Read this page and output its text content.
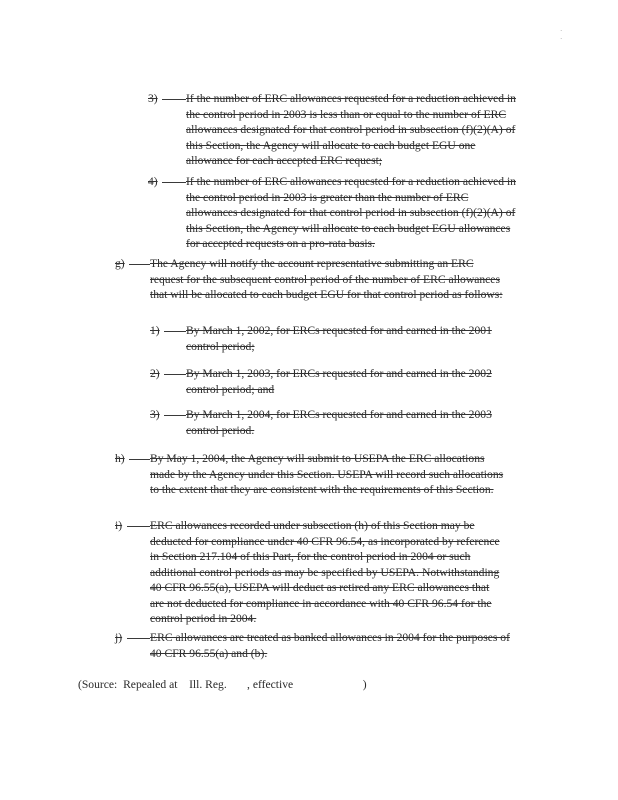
· ·
3) If the number of ERC allowances requested for a reduction achieved in the control period in 2003 is less than or equal to the number of ERC allowances designated for that control period in subsection (f)(2)(A) of this Section, the Agency will allocate to each budget EGU one allowance for each accepted ERC request;
4) If the number of ERC allowances requested for a reduction achieved in the control period in 2003 is greater than the number of ERC allowances designated for that control period in subsection (f)(2)(A) of this Section, the Agency will allocate to each budget EGU allowances for accepted requests on a pro-rata basis.
g) The Agency will notify the account representative submitting an ERC request for the subsequent control period of the number of ERC allowances that will be allocated to each budget EGU for that control period as follows:
1) By March 1, 2002, for ERCs requested for and earned in the 2001 control period;
2) By March 1, 2003, for ERCs requested for and earned in the 2002 control period; and
3) By March 1, 2004, for ERCs requested for and earned in the 2003 control period.
h) By May 1, 2004, the Agency will submit to USEPA the ERC allocations made by the Agency under this Section. USEPA will record such allocations to the extent that they are consistent with the requirements of this Section.
i) ERC allowances recorded under subsection (h) of this Section may be deducted for compliance under 40 CFR 96.54, as incorporated by reference in Section 217.104 of this Part, for the control period in 2004 or such additional control periods as may be specified by USEPA. Notwithstanding 40 CFR 96.55(a), USEPA will deduct as retired any ERC allowances that are not deducted for compliance in accordance with 40 CFR 96.54 for the control period in 2004.
j) ERC allowances are treated as banked allowances in 2004 for the purposes of 40 CFR 96.55(a) and (b).
(Source:  Repealed at    Ill. Reg.       , effective                        )
